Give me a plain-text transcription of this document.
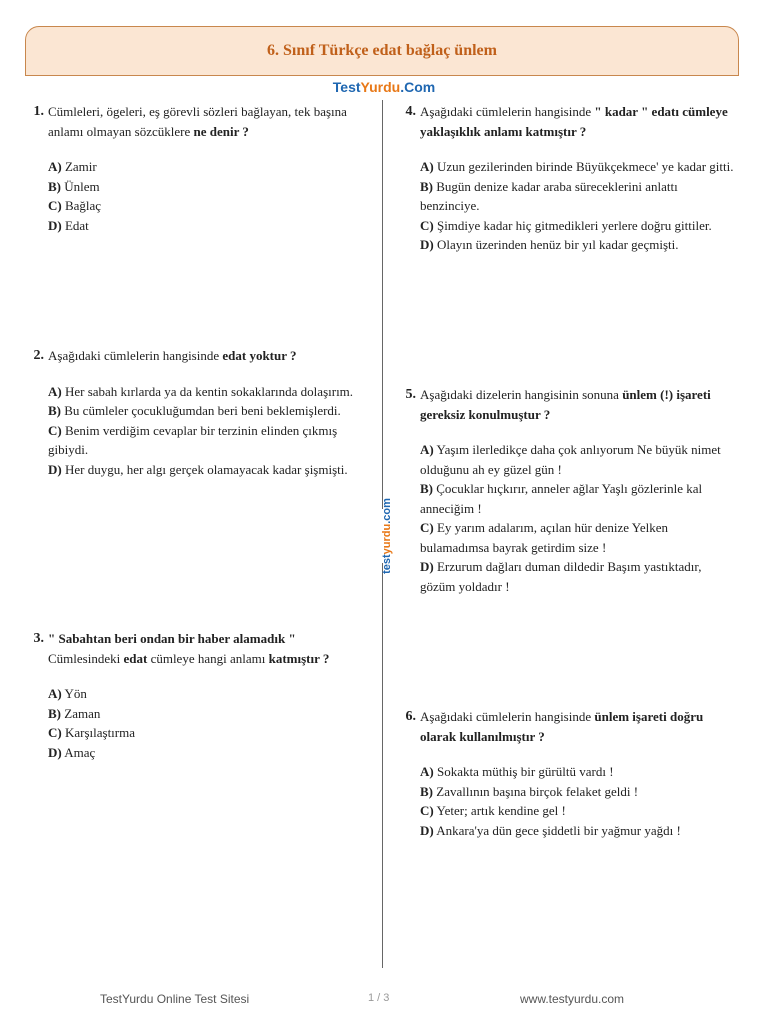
6. Sınıf Türkçe edat bağlaç ünlem
TestYurdu.Com
test
yurdu
.com
1. Cümleleri, ögeleri, eş görevli sözleri bağlayan, tek başına anlamı olmayan sözcüklere ne denir ?

A) Zamir

B) Ünlem

C) Bağlaç

D) Edat

2. Aşağıdaki cümlelerin hangisinde edat yoktur ?

A) Her sabah kırlarda ya da kentin sokaklarında dolaşırım.

B) Bu cümleler çocukluğumdan beri beni beklemişlerdi.

C) Benim verdiğim cevaplar bir terzinin elinden çıkmış gibiydi.

D) Her duygu, her algı gerçek olamayacak kadar şişmişti.

3. " Sabahtan beri ondan bir haber alamadık "
Cümlesindeki edat cümleye hangi anlamı katmıştır ?

A) Yön

B) Zaman

C) Karşılaştırma

D) Amaç

4. Aşağıdaki cümlelerin hangisinde " kadar " edatı cümleye yaklaşıklık anlamı katmıştır ?

A) Uzun gezilerinden birinde Büyükçekmece' ye kadar gitti.

B) Bugün denize kadar araba süreceklerini anlattı benzinciye.

C) Şimdiye kadar hiç gitmedikleri yerlere doğru gittiler.

D) Olayın üzerinden henüz bir yıl kadar geçmişti.

5. Aşağıdaki dizelerin hangisinin sonuna ünlem (!) işareti gereksiz konulmuştur ?

A) Yaşım ilerledikçe daha çok anlıyorum Ne büyük nimet olduğunu ah ey güzel gün !

B) Çocuklar hıçkırır, anneler ağlar Yaşlı gözlerinle kal anneciğim !

C) Ey yarım adalarım, açılan hür denize Yelken bulamadımsa bayrak getirdim size !

D) Erzurum dağları duman dildedir Başım yastıktadır, gözüm yoldadır !

6. Aşağıdaki cümlelerin hangisinde ünlem işareti doğru olarak kullanılmıştır ?

A) Sokakta müthiş bir gürültü vardı !

B) Zavallının başına birçok felaket geldi !

C) Yeter; artık kendine gel !

D) Ankara'ya dün gece şiddetli bir yağmur yağdı !

TestYurdu Online Test Sitesi	1 / 3	www.testyurdu.com
